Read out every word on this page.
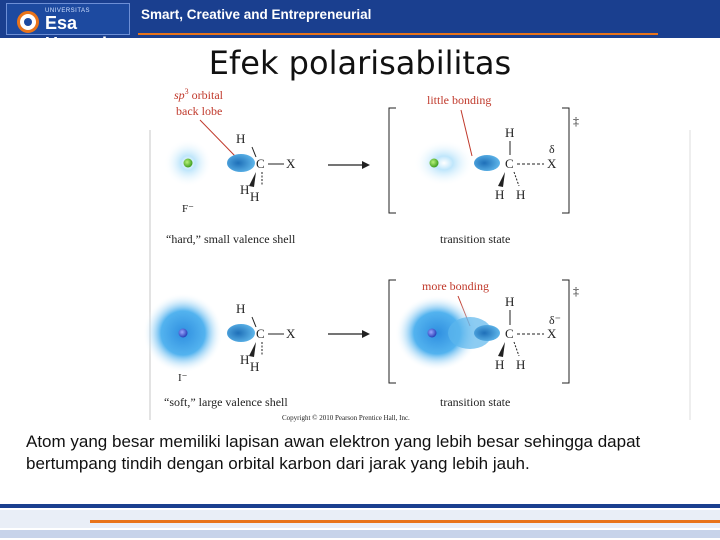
UNIVERSITAS
Esa Unggul
Smart, Creative and Entrepreneurial
Efek polarisabilitas
$sp^3$ orbital
back lobe
F⁻
H
C X
H H
“hard,” small valence shell
‡
little bonding
H
C	X
δ
H H
transition state
I⁻
H
C X
H H
“soft,” large valence shell
‡
more bonding
H
C	X
δ⁻
H H
transition state
Copyright © 2010 Pearson Prentice Hall, Inc.
Atom yang besar memiliki lapisan awan elektron yang lebih besar sehingga dapat bertumpang tindih dengan orbital karbon dari jarak yang lebih jauh.
